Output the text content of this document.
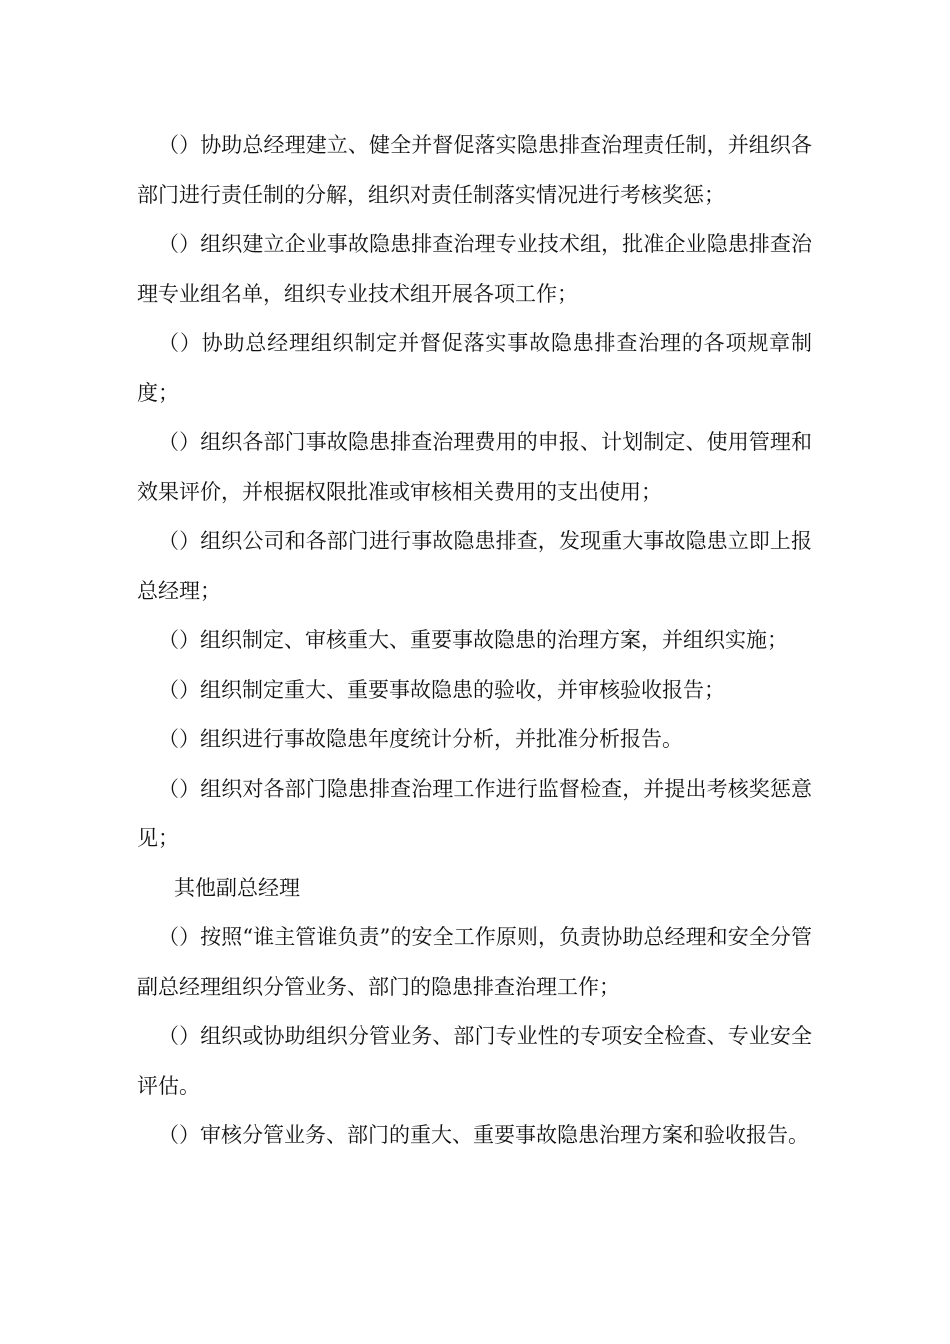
（）协助总经理建立、健全并督促落实隐患排查治理责任制，并组织各部门进行责任制的分解，组织对责任制落实情况进行考核奖惩；

（）组织建立企业事故隐患排查治理专业技术组，批准企业隐患排查治理专业组名单，组织专业技术组开展各项工作；

（）协助总经理组织制定并督促落实事故隐患排查治理的各项规章制度；

（）组织各部门事故隐患排查治理费用的申报、计划制定、使用管理和效果评价，并根据权限批准或审核相关费用的支出使用；

（）组织公司和各部门进行事故隐患排查，发现重大事故隐患立即上报总经理；

（）组织制定、审核重大、重要事故隐患的治理方案，并组织实施；

（）组织制定重大、重要事故隐患的验收，并审核验收报告；

（）组织进行事故隐患年度统计分析，并批准分析报告。

（）组织对各部门隐患排查治理工作进行监督检查，并提出考核奖惩意见；

其他副总经理

（）按照“谁主管谁负责”的安全工作原则，负责协助总经理和安全分管副总经理组织分管业务、部门的隐患排查治理工作；

（）组织或协助组织分管业务、部门专业性的专项安全检查、专业安全评估。

（）审核分管业务、部门的重大、重要事故隐患治理方案和验收报告。
